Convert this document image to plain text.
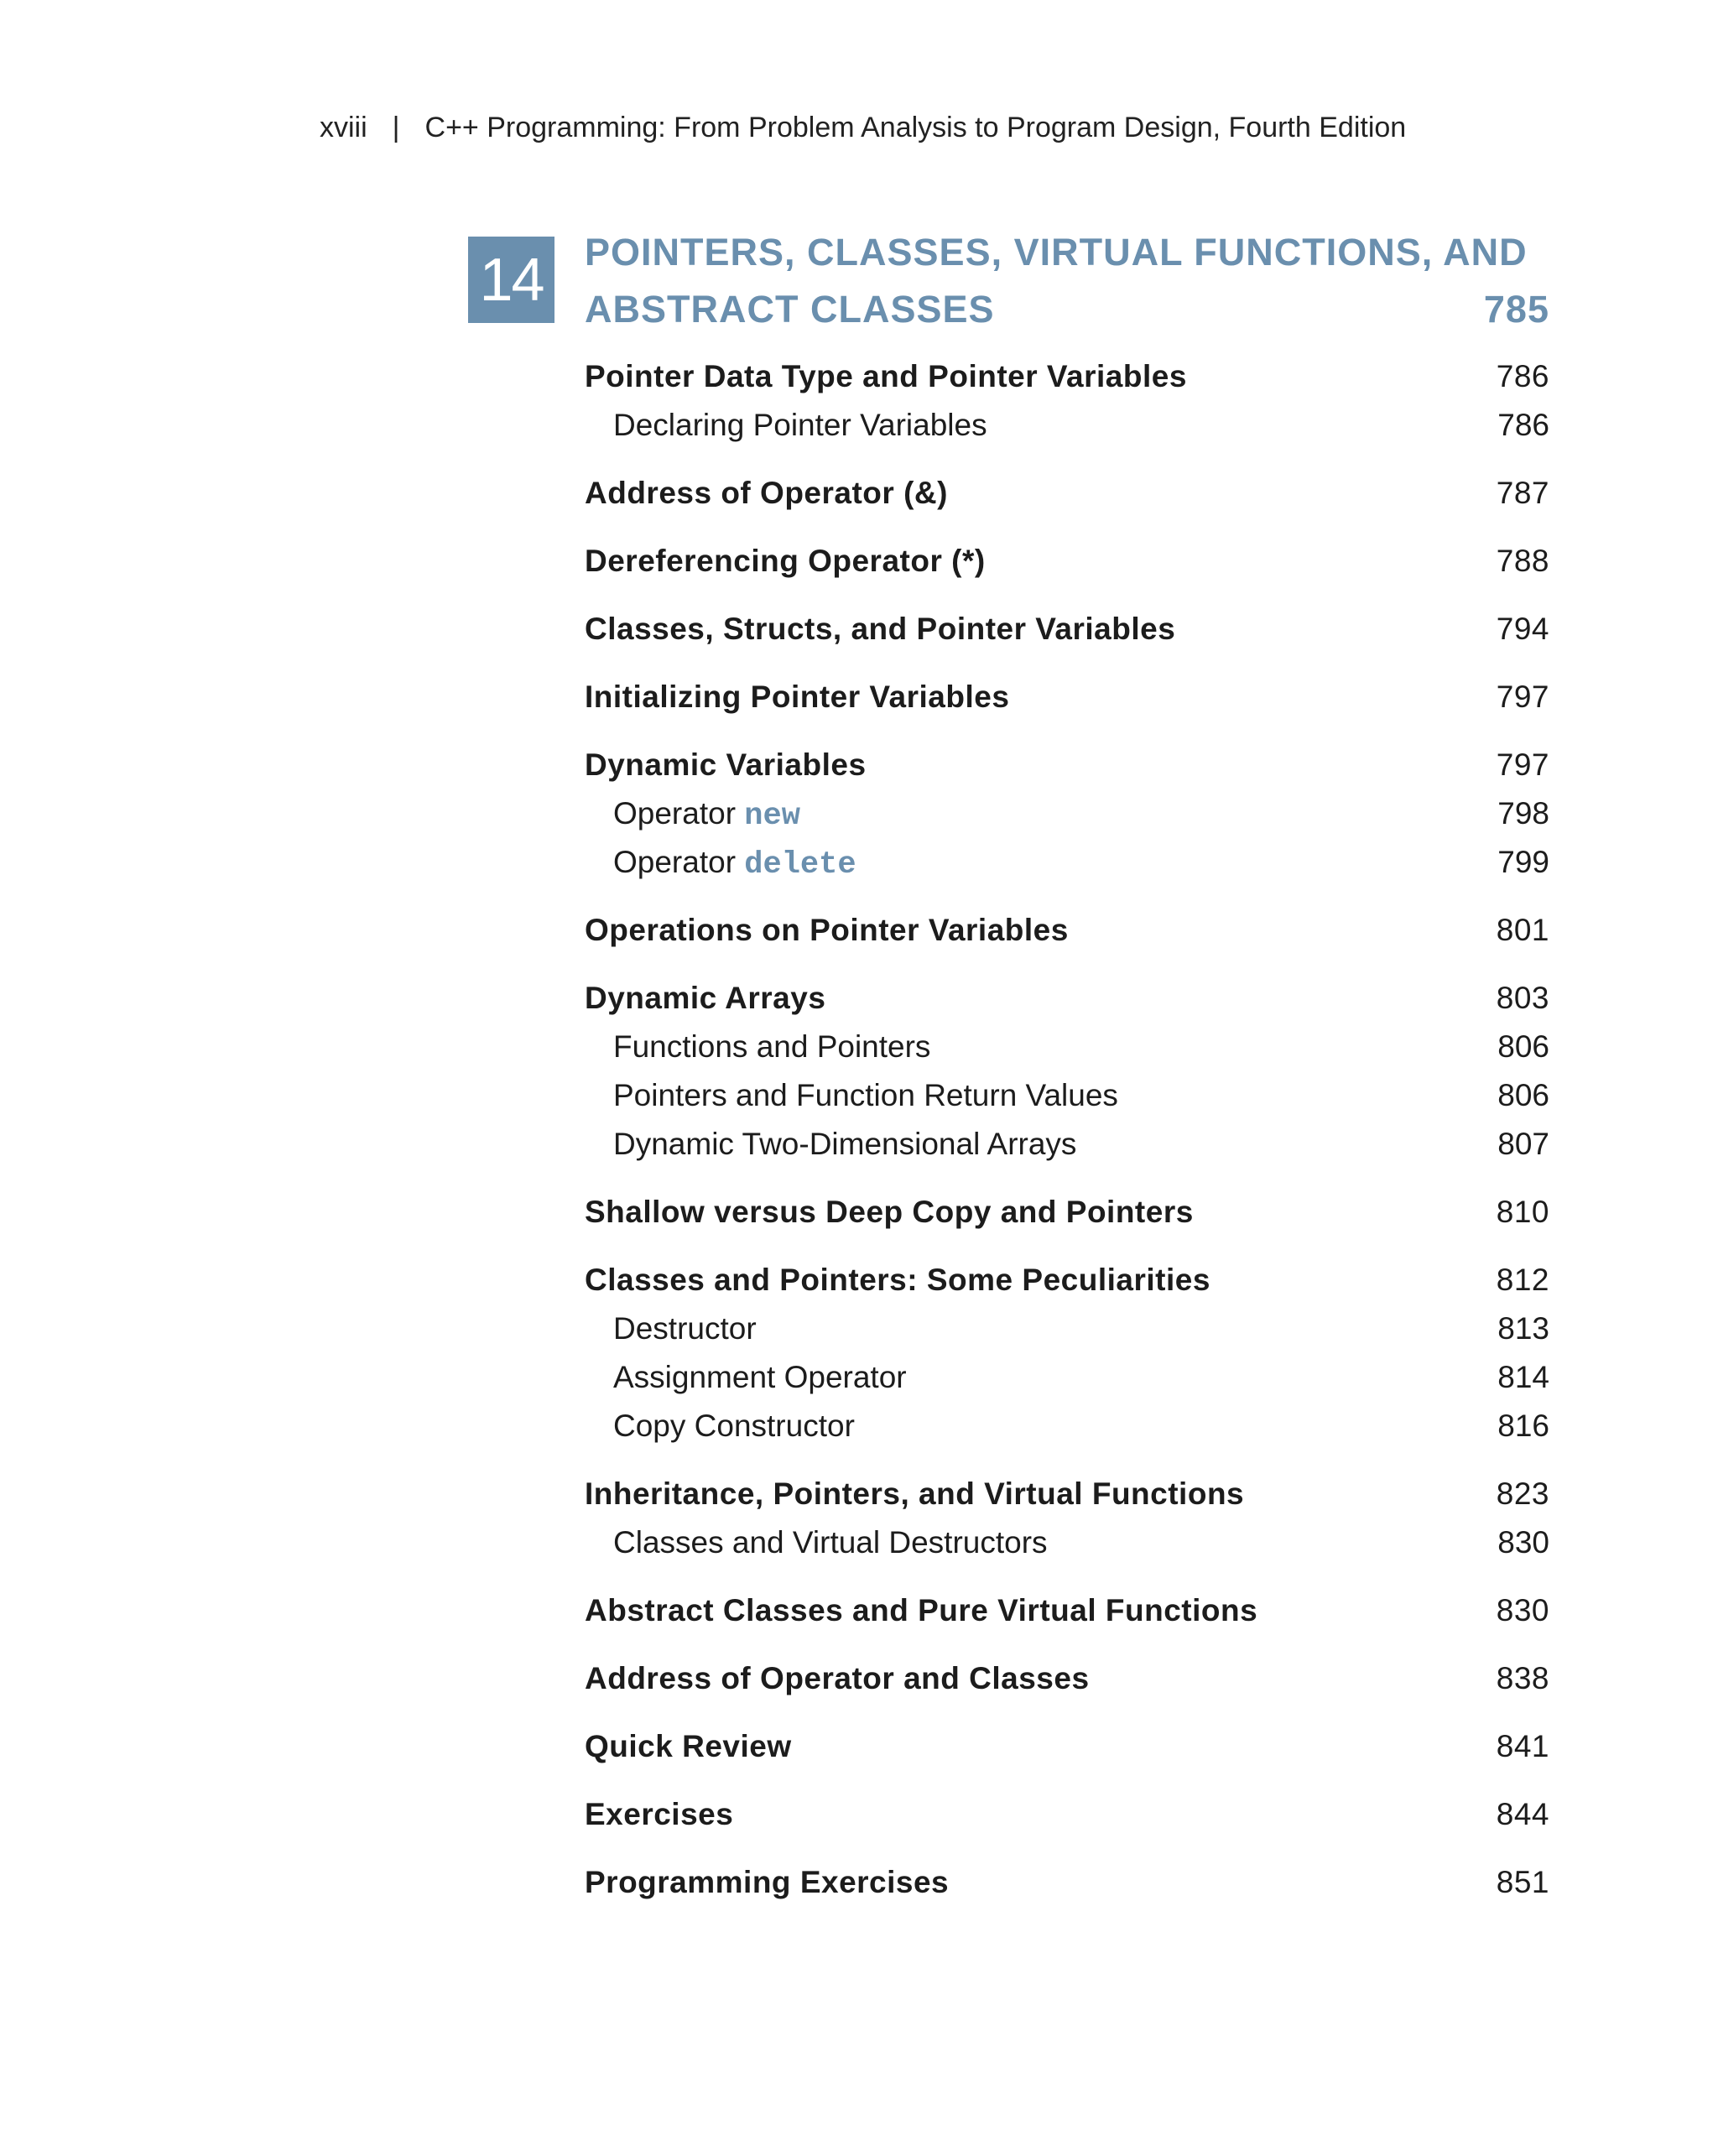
xviii | C++ Programming: From Problem Analysis to Program Design, Fourth Edition
14 POINTERS, CLASSES, VIRTUAL FUNCTIONS, AND
ABSTRACT CLASSES	785
Pointer Data Type and Pointer Variables	786
Declaring Pointer Variables	786
Address of Operator (&)	787
Dereferencing Operator (*)	788
Classes, Structs, and Pointer Variables	794
Initializing Pointer Variables	797
Dynamic Variables	797
Operator new	798
Operator delete	799
Operations on Pointer Variables	801
Dynamic Arrays	803
Functions and Pointers	806
Pointers and Function Return Values	806
Dynamic Two-Dimensional Arrays	807
Shallow versus Deep Copy and Pointers	810
Classes and Pointers: Some Peculiarities	812
Destructor	813
Assignment Operator	814
Copy Constructor	816
Inheritance, Pointers, and Virtual Functions	823
Classes and Virtual Destructors	830
Abstract Classes and Pure Virtual Functions	830
Address of Operator and Classes	838
Quick Review	841
Exercises	844
Programming Exercises	851
